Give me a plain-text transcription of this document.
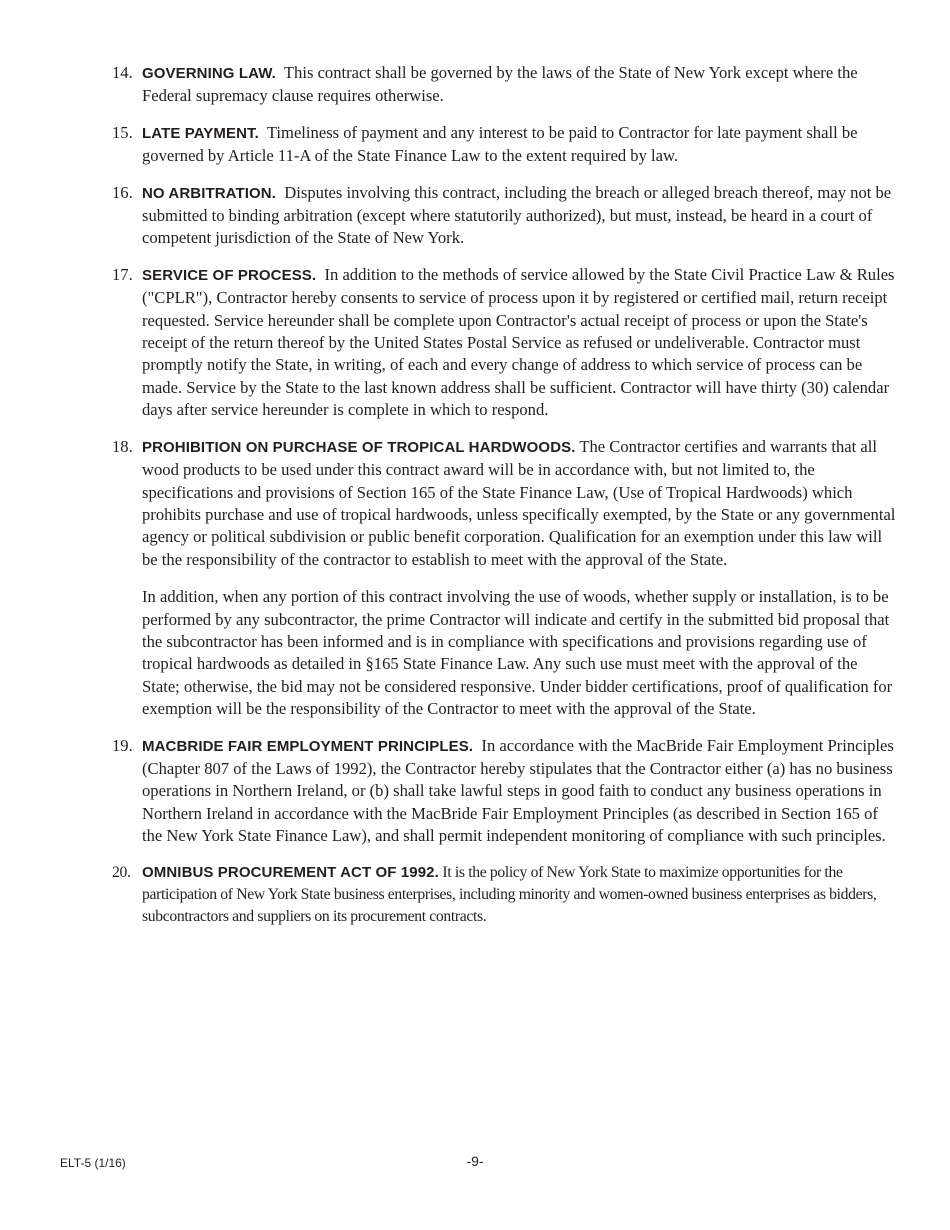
14. GOVERNING LAW. This contract shall be governed by the laws of the State of New York except where the Federal supremacy clause requires otherwise.

15. LATE PAYMENT. Timeliness of payment and any interest to be paid to Contractor for late payment shall be governed by Article 11-A of the State Finance Law to the extent required by law.

16. NO ARBITRATION. Disputes involving this contract, including the breach or alleged breach thereof, may not be submitted to binding arbitration (except where statutorily authorized), but must, instead, be heard in a court of competent jurisdiction of the State of New York.

17. SERVICE OF PROCESS. In addition to the methods of service allowed by the State Civil Practice Law & Rules ("CPLR"), Contractor hereby consents to service of process upon it by registered or certified mail, return receipt requested. Service hereunder shall be complete upon Contractor's actual receipt of process or upon the State's receipt of the return thereof by the United States Postal Service as refused or undeliverable. Contractor must promptly notify the State, in writing, of each and every change of address to which service of process can be made. Service by the State to the last known address shall be sufficient. Contractor will have thirty (30) calendar days after service hereunder is complete in which to respond.

18. PROHIBITION ON PURCHASE OF TROPICAL HARDWOODS. The Contractor certifies and warrants that all wood products to be used under this contract award will be in accordance with, but not limited to, the specifications and provisions of Section 165 of the State Finance Law, (Use of Tropical Hardwoods) which prohibits purchase and use of tropical hardwoods, unless specifically exempted, by the State or any governmental agency or political subdivision or public benefit corporation. Qualification for an exemption under this law will be the responsibility of the contractor to establish to meet with the approval of the State.

In addition, when any portion of this contract involving the use of woods, whether supply or installation, is to be performed by any subcontractor, the prime Contractor will indicate and certify in the submitted bid proposal that the subcontractor has been informed and is in compliance with specifications and provisions regarding use of tropical hardwoods as detailed in §165 State Finance Law. Any such use must meet with the approval of the State; otherwise, the bid may not be considered responsive. Under bidder certifications, proof of qualification for exemption will be the responsibility of the Contractor to meet with the approval of the State.

19. MACBRIDE FAIR EMPLOYMENT PRINCIPLES. In accordance with the MacBride Fair Employment Principles (Chapter 807 of the Laws of 1992), the Contractor hereby stipulates that the Contractor either (a) has no business operations in Northern Ireland, or (b) shall take lawful steps in good faith to conduct any business operations in Northern Ireland in accordance with the MacBride Fair Employment Principles (as described in Section 165 of the New York State Finance Law), and shall permit independent monitoring of compliance with such principles.

20. OMNIBUS PROCUREMENT ACT OF 1992. It is the policy of New York State to maximize opportunities for the participation of New York State business enterprises, including minority and women-owned business enterprises as bidders, subcontractors and suppliers on its procurement contracts.

ELT-5 (1/16)	-9-
